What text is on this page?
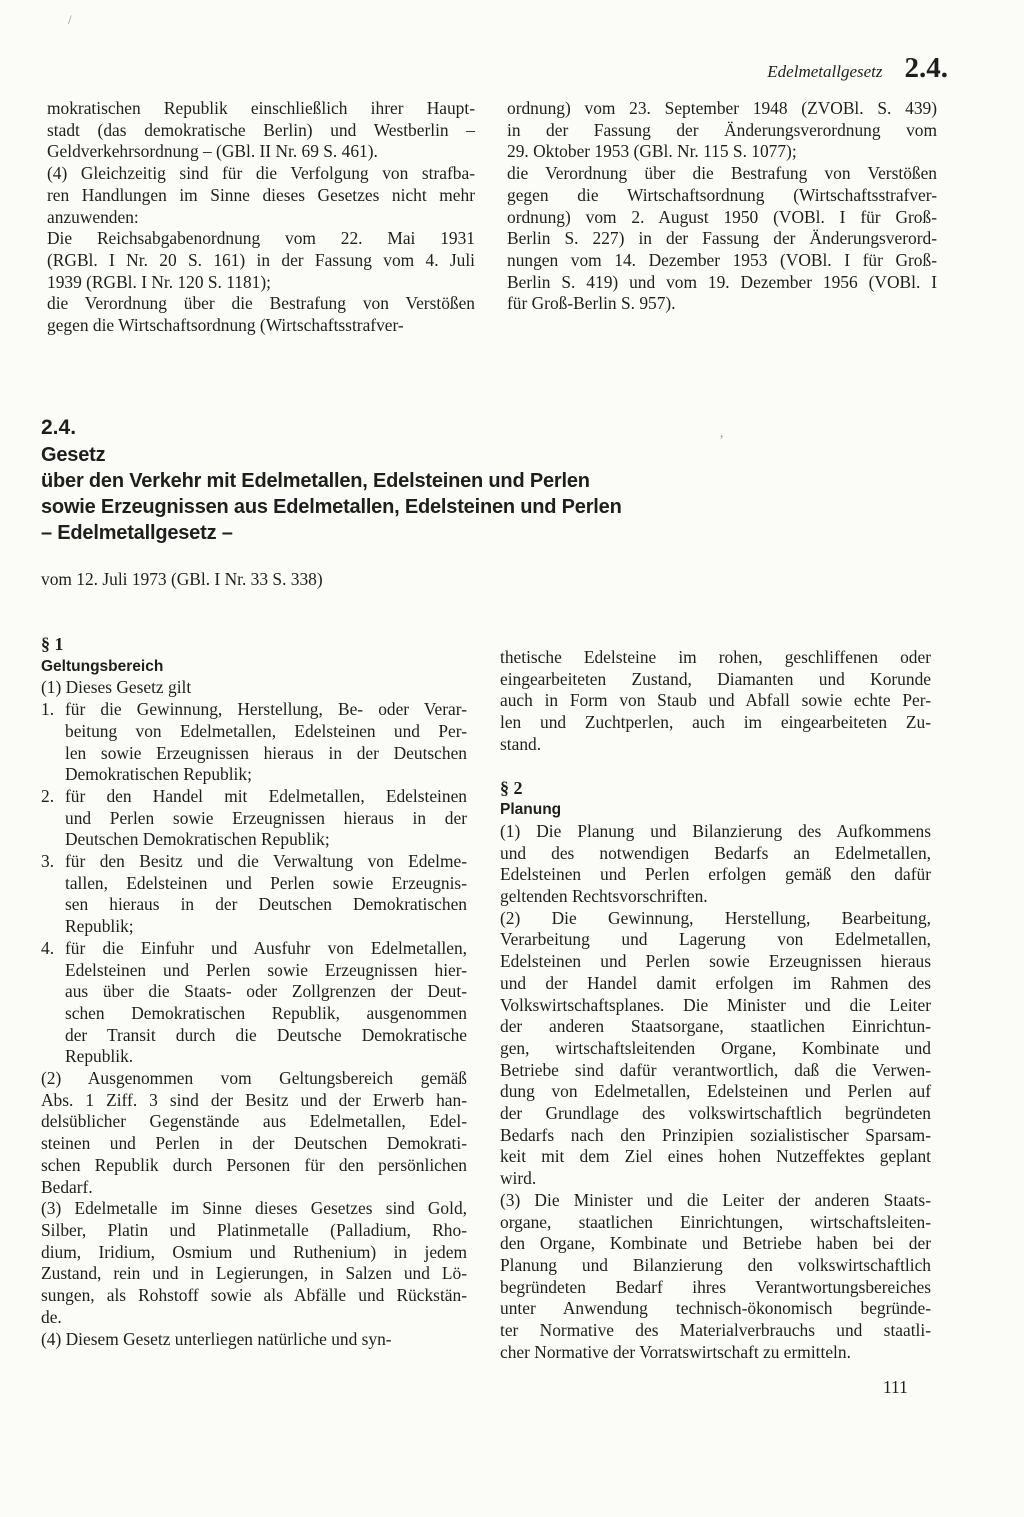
Edelmetallgesetz 2.4.

mokratischen Republik einschließlich ihrer Haupt-

stadt (das demokratische Berlin) und Westberlin –

Geldverkehrsordnung – (GBl. II Nr. 69 S. 461).

(4) Gleichzeitig sind für die Verfolgung von strafba-

ren Handlungen im Sinne dieses Gesetzes nicht mehr

anzuwenden:

Die Reichsabgabenordnung vom 22. Mai 1931

(RGBl. I Nr. 20 S. 161) in der Fassung vom 4. Juli

1939 (RGBl. I Nr. 120 S. 1181);

die Verordnung über die Bestrafung von Verstößen

gegen die Wirtschaftsordnung (Wirtschaftsstrafver-

ordnung) vom 23. September 1948 (ZVOBl. S. 439)

in der Fassung der Änderungsverordnung vom

29. Oktober 1953 (GBl. Nr. 115 S. 1077);

die Verordnung über die Bestrafung von Verstößen

gegen die Wirtschaftsordnung (Wirtschaftsstrafver-

ordnung) vom 2. August 1950 (VOBl. I für Groß-

Berlin S. 227) in der Fassung der Änderungsverord-

nungen vom 14. Dezember 1953 (VOBl. I für Groß-

Berlin S. 419) und vom 19. Dezember 1956 (VOBl. I

für Groß-Berlin S. 957).

2.4.
Gesetz
über den Verkehr mit Edelmetallen, Edelsteinen und Perlen
sowie Erzeugnissen aus Edelmetallen, Edelsteinen und Perlen
– Edelmetallgesetz –
vom 12. Juli 1973 (GBl. I Nr. 33 S. 338)

§ 1

Geltungsbereich

(1) Dieses Gesetz gilt

1. für die Gewinnung, Herstellung, Be- oder Verar-

beitung von Edelmetallen, Edelsteinen und Per-

len sowie Erzeugnissen hieraus in der Deutschen

Demokratischen Republik;

2. für den Handel mit Edelmetallen, Edelsteinen

und Perlen sowie Erzeugnissen hieraus in der

Deutschen Demokratischen Republik;

3. für den Besitz und die Verwaltung von Edelme-

tallen, Edelsteinen und Perlen sowie Erzeugnis-

sen hieraus in der Deutschen Demokratischen

Republik;

4. für die Einfuhr und Ausfuhr von Edelmetallen,

Edelsteinen und Perlen sowie Erzeugnissen hier-

aus über die Staats- oder Zollgrenzen der Deut-

schen Demokratischen Republik, ausgenommen

der Transit durch die Deutsche Demokratische

Republik.

(2) Ausgenommen vom Geltungsbereich gemäß

Abs. 1 Ziff. 3 sind der Besitz und der Erwerb han-

delsüblicher Gegenstände aus Edelmetallen, Edel-

steinen und Perlen in der Deutschen Demokrati-

schen Republik durch Personen für den persönlichen

Bedarf.

(3) Edelmetalle im Sinne dieses Gesetzes sind Gold,

Silber, Platin und Platinmetalle (Palladium, Rho-

dium, Iridium, Osmium und Ruthenium) in jedem

Zustand, rein und in Legierungen, in Salzen und Lö-

sungen, als Rohstoff sowie als Abfälle und Rückstän-

de.

(4) Diesem Gesetz unterliegen natürliche und syn-

thetische Edelsteine im rohen, geschliffenen oder

eingearbeiteten Zustand, Diamanten und Korunde

auch in Form von Staub und Abfall sowie echte Per-

len und Zuchtperlen, auch im eingearbeiteten Zu-

stand.

§ 2

Planung

(1) Die Planung und Bilanzierung des Aufkommens

und des notwendigen Bedarfs an Edelmetallen,

Edelsteinen und Perlen erfolgen gemäß den dafür

geltenden Rechtsvorschriften.

(2) Die Gewinnung, Herstellung, Bearbeitung,

Verarbeitung und Lagerung von Edelmetallen,

Edelsteinen und Perlen sowie Erzeugnissen hieraus

und der Handel damit erfolgen im Rahmen des

Volkswirtschaftsplanes. Die Minister und die Leiter

der anderen Staatsorgane, staatlichen Einrichtun-

gen, wirtschaftsleitenden Organe, Kombinate und

Betriebe sind dafür verantwortlich, daß die Verwen-

dung von Edelmetallen, Edelsteinen und Perlen auf

der Grundlage des volkswirtschaftlich begründeten

Bedarfs nach den Prinzipien sozialistischer Sparsam-

keit mit dem Ziel eines hohen Nutzeffektes geplant

wird.

(3) Die Minister und die Leiter der anderen Staats-

organe, staatlichen Einrichtungen, wirtschaftsleiten-

den Organe, Kombinate und Betriebe haben bei der

Planung und Bilanzierung den volkswirtschaftlich

begründeten Bedarf ihres Verantwortungsbereiches

unter Anwendung technisch-ökonomisch begründe-

ter Normative des Materialverbrauchs und staatli-

cher Normative der Vorratswirtschaft zu ermitteln.

111
/
,
